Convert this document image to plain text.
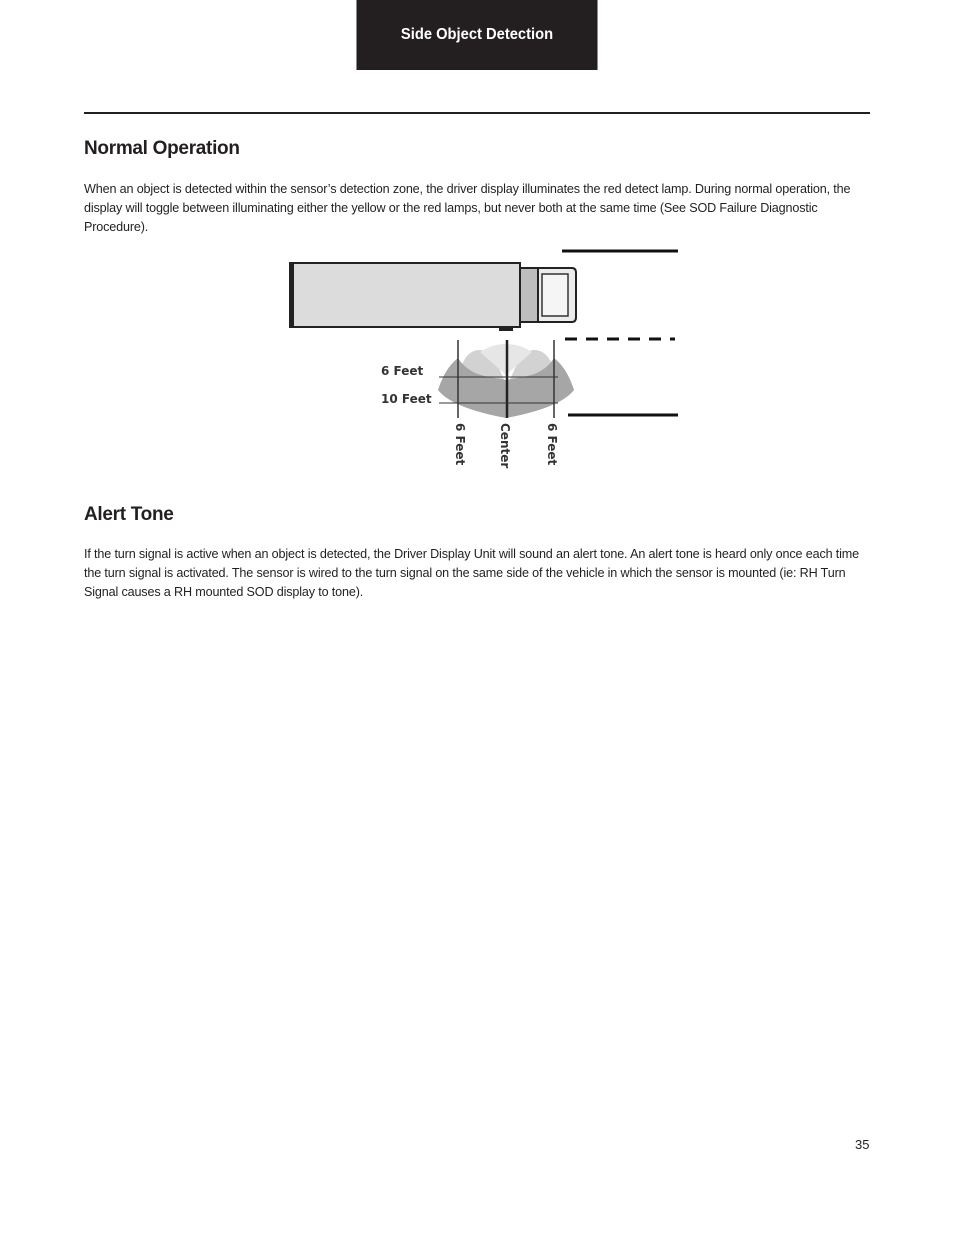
Side Object Detection
Normal Operation
When an object is detected within the sensor’s detection zone, the driver display illuminates the red detect lamp. During normal operation, the display will toggle between illuminating either the yellow or the red lamps, but never both at the same time (See SOD Failure Diagnostic Procedure).
6 Feet
10 Feet
6 Feet	Center	6 Feet
Alert Tone
If the turn signal is active when an object is detected, the Driver Display Unit will sound an alert tone. An alert tone is heard only once each time the turn signal is activated. The sensor is wired to the turn signal on the same side of the vehicle in which the sensor is mounted (ie: RH Turn Signal causes a RH mounted SOD display to tone).
35
